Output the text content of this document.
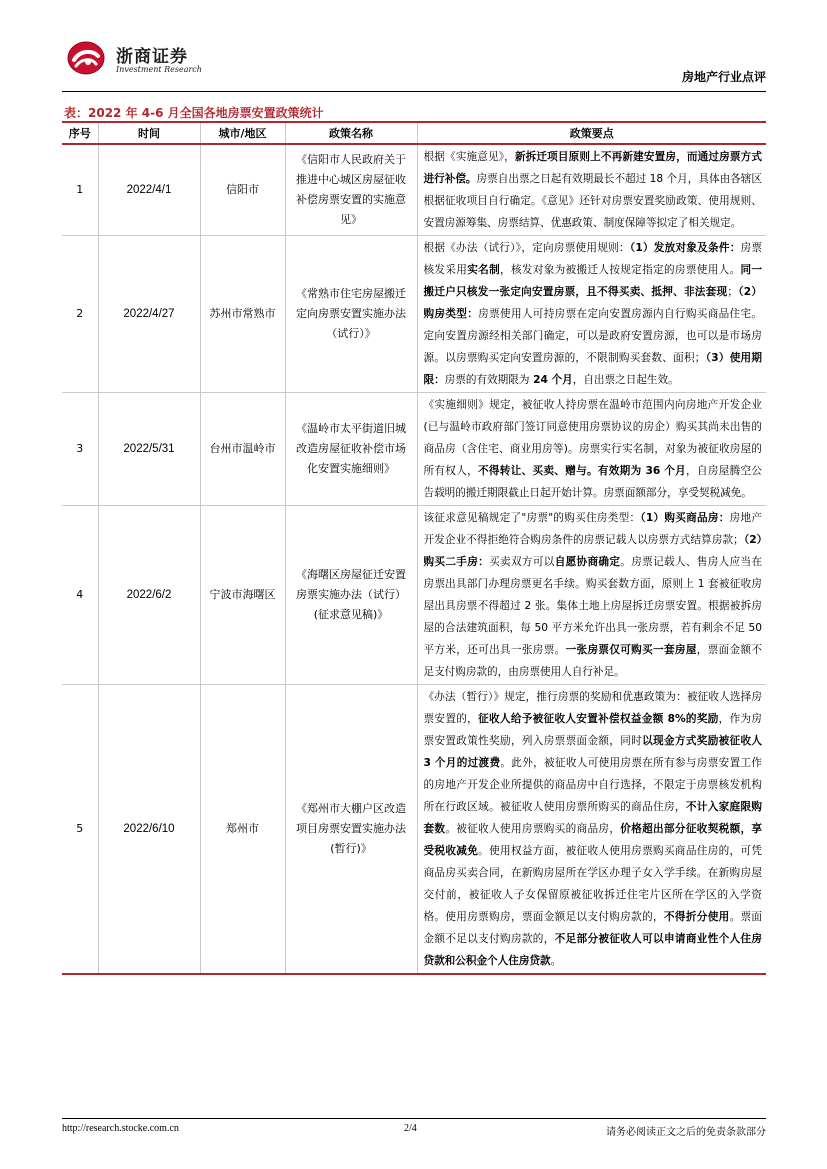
浙商证券
Investment Research
房地产行业点评
表：2022 年 4-6 月全国各地房票安置政策统计
序号	时间	城市/地区	政策名称	政策要点
1	2022/4/1	信阳市	《信阳市人民政府关于推进中心城区房屋征收补偿房票安置的实施意见》	根据《实施意见》，新拆迁项目原则上不再新建安置房，而通过房票方式进行补偿。房票自出票之日起有效期最长不超过 18 个月，具体由各辖区根据征收项目自行确定。《意见》还针对房票安置奖励政策、使用规则、安置房源筹集、房票结算、优惠政策、制度保障等拟定了相关规定。
2	2022/4/27	苏州市常熟市	《常熟市住宅房屋搬迁定向房票安置实施办法（试行）》	根据《办法（试行）》，定向房票使用规则：（1）发放对象及条件：房票核发采用实名制，核发对象为被搬迁人按规定指定的房票使用人。同一搬迁户只核发一张定向安置房票，且不得买卖、抵押、非法套现；（2）购房类型：房票使用人可持房票在定向安置房源内自行购买商品住宅。定向安置房源经相关部门确定，可以是政府安置房源，也可以是市场房源。以房票购买定向安置房源的，不限制购买套数、面积；（3）使用期限：房票的有效期限为 24 个月，自出票之日起生效。
3	2022/5/31	台州市温岭市	《温岭市太平街道旧城改造房屋征收补偿市场化安置实施细则》	《实施细则》规定，被征收人持房票在温岭市范围内向房地产开发企业(已与温岭市政府部门签订同意使用房票协议的房企）购买其尚未出售的商品房（含住宅、商业用房等)。房票实行实名制，对象为被征收房屋的所有权人，不得转让、买卖、赠与。有效期为 36 个月，自房屋腾空公告载明的搬迁期限截止日起开始计算。房票面额部分，享受契税减免。
4	2022/6/2	宁波市海曙区	《海曙区房屋征迁安置房票实施办法（试行）(征求意见稿)》	该征求意见稿规定了"房票"的购买住房类型：（1）购买商品房：房地产开发企业不得拒绝符合购房条件的房票记载人以房票方式结算房款；（2）购买二手房：买卖双方可以自愿协商确定。房票记载人、售房人应当在房票出具部门办理房票更名手续。购买套数方面，原则上 1 套被征收房屋出具房票不得超过 2 张。集体土地上房屋拆迁房票安置。根据被拆房屋的合法建筑面积，每 50 平方米允许出具一张房票，若有剩余不足 50 平方米，还可出具一张房票。一张房票仅可购买一套房屋，票面金额不足支付购房款的，由房票使用人自行补足。
5	2022/6/10	郑州市	《郑州市大棚户区改造项目房票安置实施办法(暂行)》	《办法（暂行）》规定，推行房票的奖励和优惠政策为：被征收人选择房票安置的，征收人给予被征收人安置补偿权益金额 8%的奖励，作为房票安置政策性奖励，列入房票票面金额，同时以现金方式奖励被征收人 3 个月的过渡费。此外，被征收人可使用房票在所有参与房票安置工作的房地产开发企业所提供的商品房中自行选择，不限定于房票核发机构所在行政区域。被征收人使用房票所购买的商品住房，不计入家庭限购套数。被征收人使用房票购买的商品房，价格超出部分征收契税额，享受税收减免。使用权益方面，被征收人使用房票购买商品住房的，可凭商品房买卖合同，在新购房屋所在学区办理子女入学手续。在新购房屋交付前，被征收人子女保留原被征收拆迁住宅片区所在学区的入学资格。使用房票购房，票面金额足以支付购房款的，不得折分使用。票面金额不足以支付购房款的，不足部分被征收人可以申请商业性个人住房贷款和公积金个人住房贷款。
http://research.stocke.com.cn	2/4	请务必阅读正文之后的免责条款部分
